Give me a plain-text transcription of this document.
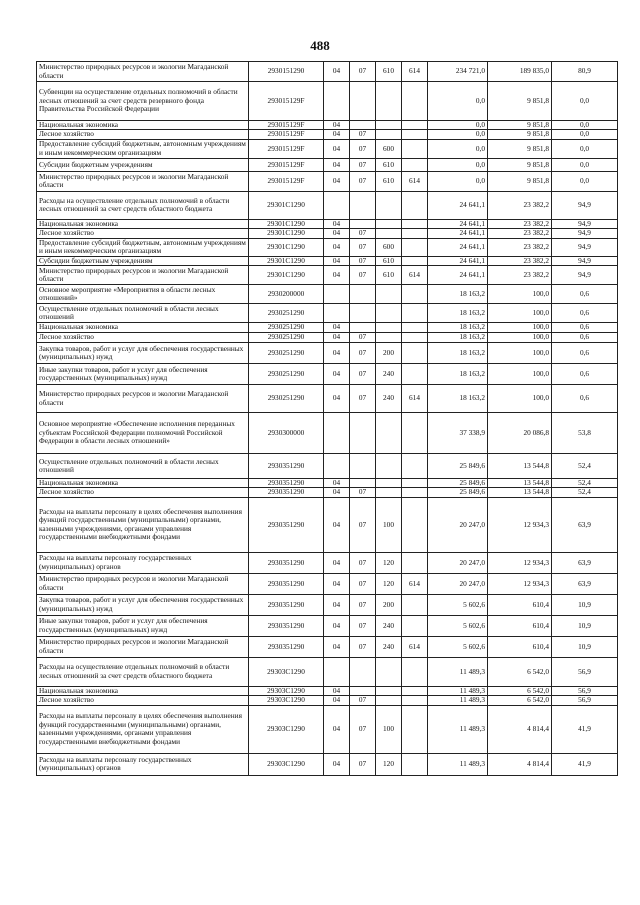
488
Министерство природных ресурсов и экологии Магаданской области	2930151290	04	07	610	614	234 721,0	189 835,0	80,9
Субвенции на осуществление отдельных полномочий в области лесных отношений за счет средств резервного фонда Правительства Российской Федерации	293015129F					0,0	9 851,8	0,0
Национальная экономика	293015129F	04				0,0	9 851,8	0,0
Лесное хозяйство	293015129F	04	07			0,0	9 851,8	0,0
Предоставление субсидий бюджетным, автономным учреждениям и иным некоммерческим организациям	293015129F	04	07	600		0,0	9 851,8	0,0
Субсидии бюджетным учреждениям	293015129F	04	07	610		0,0	9 851,8	0,0
Министерство природных ресурсов и экологии Магаданской области	293015129F	04	07	610	614	0,0	9 851,8	0,0
Расходы на осуществление отдельных полномочий в области лесных отношений за счет средств областного бюджета	29301C1290					24 641,1	23 382,2	94,9
Национальная экономика	29301C1290	04				24 641,1	23 382,2	94,9
Лесное хозяйство	29301C1290	04	07			24 641,1	23 382,2	94,9
Предоставление субсидий бюджетным, автономным учреждениям и иным некоммерческим организациям	29301C1290	04	07	600		24 641,1	23 382,2	94,9
Субсидии бюджетным учреждениям	29301C1290	04	07	610		24 641,1	23 382,2	94,9
Министерство природных ресурсов и экологии Магаданской области	29301C1290	04	07	610	614	24 641,1	23 382,2	94,9
Основное мероприятие «Мероприятия в области лесных отношений»	2930200000					18 163,2	100,0	0,6
Осуществление отдельных полномочий в области лесных отношений	2930251290					18 163,2	100,0	0,6
Национальная экономика	2930251290	04				18 163,2	100,0	0,6
Лесное хозяйство	2930251290	04	07			18 163,2	100,0	0,6
Закупка товаров, работ и услуг для обеспечения государственных (муниципальных) нужд	2930251290	04	07	200		18 163,2	100,0	0,6
Иные закупки товаров, работ и услуг для обеспечения государственных (муниципальных) нужд	2930251290	04	07	240		18 163,2	100,0	0,6
Министерство природных ресурсов и экологии Магаданской области	2930251290	04	07	240	614	18 163,2	100,0	0,6
Основное мероприятие «Обеспечение исполнения переданных субъектам Российской Федерации полномочий Российской Федерации в области лесных отношений»	2930300000					37 338,9	20 086,8	53,8
Осуществление отдельных полномочий в области лесных отношений	2930351290					25 849,6	13 544,8	52,4
Национальная экономика	2930351290	04				25 849,6	13 544,8	52,4
Лесное хозяйство	2930351290	04	07			25 849,6	13 544,8	52,4
Расходы на выплаты персоналу в целях обеспечения выполнения функций государственными (муниципальными) органами, казенными учреждениями, органами управления государственными внебюджетными фондами	2930351290	04	07	100		20 247,0	12 934,3	63,9
Расходы на выплаты персоналу государственных (муниципальных) органов	2930351290	04	07	120		20 247,0	12 934,3	63,9
Министерство природных ресурсов и экологии Магаданской области	2930351290	04	07	120	614	20 247,0	12 934,3	63,9
Закупка товаров, работ и услуг для обеспечения государственных (муниципальных) нужд	2930351290	04	07	200		5 602,6	610,4	10,9
Иные закупки товаров, работ и услуг для обеспечения государственных (муниципальных) нужд	2930351290	04	07	240		5 602,6	610,4	10,9
Министерство природных ресурсов и экологии Магаданской области	2930351290	04	07	240	614	5 602,6	610,4	10,9
Расходы на осуществление отдельных полномочий в области лесных отношений за счет средств областного бюджета	29303C1290					11 489,3	6 542,0	56,9
Национальная экономика	29303C1290	04				11 489,3	6 542,0	56,9
Лесное хозяйство	29303C1290	04	07			11 489,3	6 542,0	56,9
Расходы на выплаты персоналу в целях обеспечения выполнения функций государственными (муниципальными) органами, казенными учреждениями, органами управления государственными внебюджетными фондами	29303C1290	04	07	100		11 489,3	4 814,4	41,9
Расходы на выплаты персоналу государственных (муниципальных) органов	29303C1290	04	07	120		11 489,3	4 814,4	41,9
